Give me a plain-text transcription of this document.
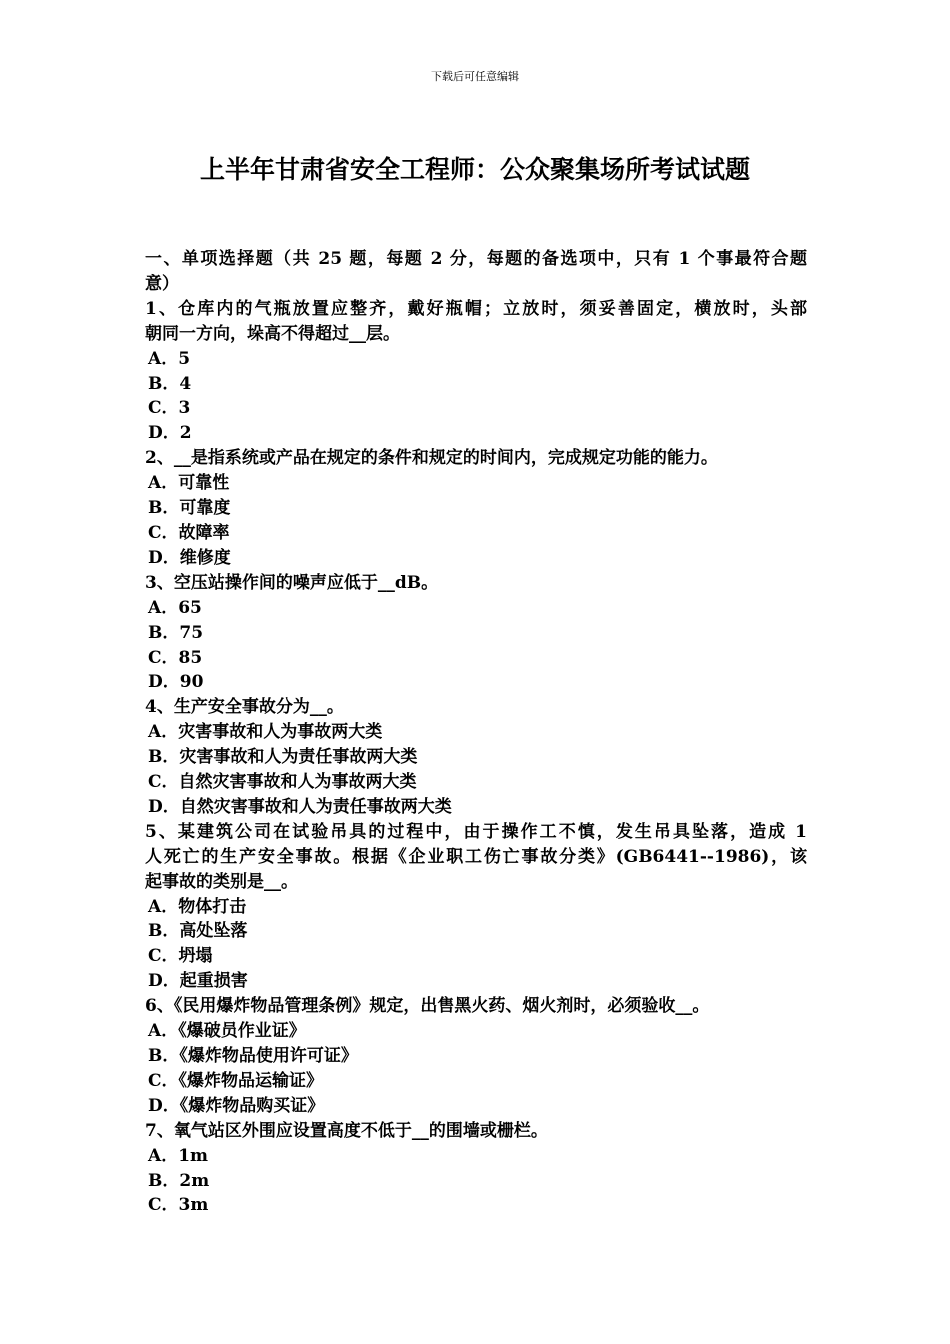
下载后可任意编辑
上半年甘肃省安全工程师：公众聚集场所考试试题
一、单项选择题（共 25 题，每题 2 分，每题的备选项中，只有 1 个事最符合题
意）
1、仓库内的气瓶放置应整齐，戴好瓶帽；立放时，须妥善固定，横放时，头部
朝同一方向，垛高不得超过__层。
A．5
B．4
C．3
D．2
2、__是指系统或产品在规定的条件和规定的时间内，完成规定功能的能力。
A．可靠性
B．可靠度
C．故障率
D．维修度
3、空压站操作间的噪声应低于__dB。
A．65
B．75
C．85
D．90
4、生产安全事故分为__。
A．灾害事故和人为事故两大类
B．灾害事故和人为责任事故两大类
C．自然灾害事故和人为事故两大类
D．自然灾害事故和人为责任事故两大类
5、某建筑公司在试验吊具的过程中，由于操作工不慎，发生吊具坠落，造成 1
人死亡的生产安全事故。根据《企业职工伤亡事故分类》(GB6441--1986)，该
起事故的类别是__。
A．物体打击
B．高处坠落
C．坍塌
D．起重损害
6、《民用爆炸物品管理条例》规定，出售黑火药、烟火剂时，必须验收__。
A．《爆破员作业证》
B．《爆炸物品使用许可证》
C．《爆炸物品运输证》
D．《爆炸物品购买证》
7、氧气站区外围应设置高度不低于__的围墙或栅栏。
A．1m
B．2m
C．3m
